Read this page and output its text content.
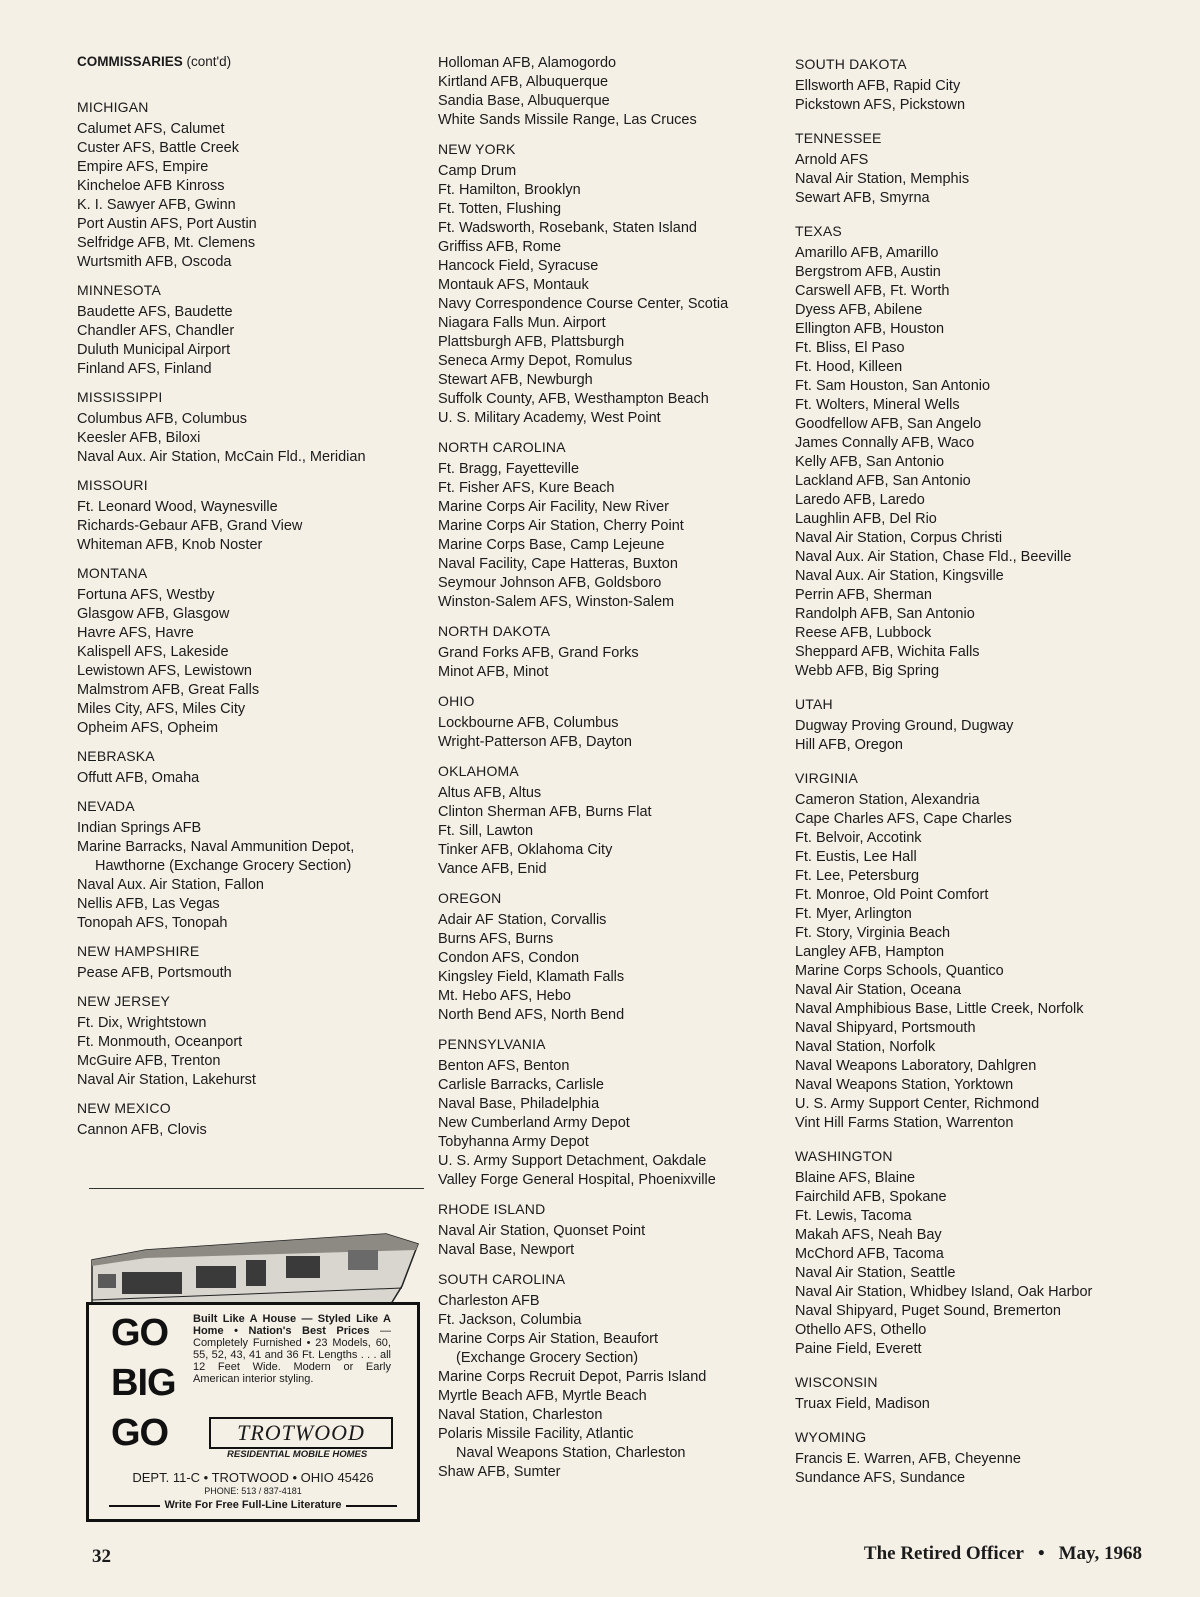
COMMISSARIES (cont'd)
MICHIGAN
Calumet AFS, Calumet
Custer AFS, Battle Creek
Empire AFS, Empire
Kincheloe AFB Kinross
K. I. Sawyer AFB, Gwinn
Port Austin AFS, Port Austin
Selfridge AFB, Mt. Clemens
Wurtsmith AFB, Oscoda
MINNESOTA
Baudette AFS, Baudette
Chandler AFS, Chandler
Duluth Municipal Airport
Finland AFS, Finland
MISSISSIPPI
Columbus AFB, Columbus
Keesler AFB, Biloxi
Naval Aux. Air Station, McCain Fld., Meridian
MISSOURI
Ft. Leonard Wood, Waynesville
Richards-Gebaur AFB, Grand View
Whiteman AFB, Knob Noster
MONTANA
Fortuna AFS, Westby
Glasgow AFB, Glasgow
Havre AFS, Havre
Kalispell AFS, Lakeside
Lewistown AFS, Lewistown
Malmstrom AFB, Great Falls
Miles City, AFS, Miles City
Opheim AFS, Opheim
NEBRASKA
Offutt AFB, Omaha
NEVADA
Indian Springs AFB
Marine Barracks, Naval Ammunition Depot,
Hawthorne (Exchange Grocery Section)
Naval Aux. Air Station, Fallon
Nellis AFB, Las Vegas
Tonopah AFS, Tonopah
NEW HAMPSHIRE
Pease AFB, Portsmouth
NEW JERSEY
Ft. Dix, Wrightstown
Ft. Monmouth, Oceanport
McGuire AFB, Trenton
Naval Air Station, Lakehurst
NEW MEXICO
Cannon AFB, Clovis
Holloman AFB, Alamogordo
Kirtland AFB, Albuquerque
Sandia Base, Albuquerque
White Sands Missile Range, Las Cruces
NEW YORK
Camp Drum
Ft. Hamilton, Brooklyn
Ft. Totten, Flushing
Ft. Wadsworth, Rosebank, Staten Island
Griffiss AFB, Rome
Hancock Field, Syracuse
Montauk AFS, Montauk
Navy Correspondence Course Center, Scotia
Niagara Falls Mun. Airport
Plattsburgh AFB, Plattsburgh
Seneca Army Depot, Romulus
Stewart AFB, Newburgh
Suffolk County, AFB, Westhampton Beach
U. S. Military Academy, West Point
NORTH CAROLINA
Ft. Bragg, Fayetteville
Ft. Fisher AFS, Kure Beach
Marine Corps Air Facility, New River
Marine Corps Air Station, Cherry Point
Marine Corps Base, Camp Lejeune
Naval Facility, Cape Hatteras, Buxton
Seymour Johnson AFB, Goldsboro
Winston-Salem AFS, Winston-Salem
NORTH DAKOTA
Grand Forks AFB, Grand Forks
Minot AFB, Minot
OHIO
Lockbourne AFB, Columbus
Wright-Patterson AFB, Dayton
OKLAHOMA
Altus AFB, Altus
Clinton Sherman AFB, Burns Flat
Ft. Sill, Lawton
Tinker AFB, Oklahoma City
Vance AFB, Enid
OREGON
Adair AF Station, Corvallis
Burns AFS, Burns
Condon AFS, Condon
Kingsley Field, Klamath Falls
Mt. Hebo AFS, Hebo
North Bend AFS, North Bend
PENNSYLVANIA
Benton AFS, Benton
Carlisle Barracks, Carlisle
Naval Base, Philadelphia
New Cumberland Army Depot
Tobyhanna Army Depot
U. S. Army Support Detachment, Oakdale
Valley Forge General Hospital, Phoenixville
RHODE ISLAND
Naval Air Station, Quonset Point
Naval Base, Newport
SOUTH CAROLINA
Charleston AFB
Ft. Jackson, Columbia
Marine Corps Air Station, Beaufort
(Exchange Grocery Section)
Marine Corps Recruit Depot, Parris Island
Myrtle Beach AFB, Myrtle Beach
Naval Station, Charleston
Polaris Missile Facility, Atlantic
Naval Weapons Station, Charleston
Shaw AFB, Sumter
SOUTH DAKOTA
Ellsworth AFB, Rapid City
Pickstown AFS, Pickstown
TENNESSEE
Arnold AFS
Naval Air Station, Memphis
Sewart AFB, Smyrna
TEXAS
Amarillo AFB, Amarillo
Bergstrom AFB, Austin
Carswell AFB, Ft. Worth
Dyess AFB, Abilene
Ellington AFB, Houston
Ft. Bliss, El Paso
Ft. Hood, Killeen
Ft. Sam Houston, San Antonio
Ft. Wolters, Mineral Wells
Goodfellow AFB, San Angelo
James Connally AFB, Waco
Kelly AFB, San Antonio
Lackland AFB, San Antonio
Laredo AFB, Laredo
Laughlin AFB, Del Rio
Naval Air Station, Corpus Christi
Naval Aux. Air Station, Chase Fld., Beeville
Naval Aux. Air Station, Kingsville
Perrin AFB, Sherman
Randolph AFB, San Antonio
Reese AFB, Lubbock
Sheppard AFB, Wichita Falls
Webb AFB, Big Spring
UTAH
Dugway Proving Ground, Dugway
Hill AFB, Oregon
VIRGINIA
Cameron Station, Alexandria
Cape Charles AFS, Cape Charles
Ft. Belvoir, Accotink
Ft. Eustis, Lee Hall
Ft. Lee, Petersburg
Ft. Monroe, Old Point Comfort
Ft. Myer, Arlington
Ft. Story, Virginia Beach
Langley AFB, Hampton
Marine Corps Schools, Quantico
Naval Air Station, Oceana
Naval Amphibious Base, Little Creek, Norfolk
Naval Shipyard, Portsmouth
Naval Station, Norfolk
Naval Weapons Laboratory, Dahlgren
Naval Weapons Station, Yorktown
U. S. Army Support Center, Richmond
Vint Hill Farms Station, Warrenton
WASHINGTON
Blaine AFS, Blaine
Fairchild AFB, Spokane
Ft. Lewis, Tacoma
Makah AFS, Neah Bay
McChord AFB, Tacoma
Naval Air Station, Seattle
Naval Air Station, Whidbey Island, Oak Harbor
Naval Shipyard, Puget Sound, Bremerton
Othello AFS, Othello
Paine Field, Everett
WISCONSIN
Truax Field, Madison
WYOMING
Francis E. Warren, AFB, Cheyenne
Sundance AFS, Sundance
GO
BIG
GO
Built Like A House — Styled Like A Home • Nation's Best Prices — Completely Furnished • 23 Models, 60, 55, 52, 43, 41 and 36 Ft. Lengths . . . all 12 Feet Wide. Modern or Early American interior styling.
TROTWOOD
RESIDENTIAL MOBILE HOMES
DEPT. 11-C • TROTWOOD • OHIO 45426
PHONE: 513 / 837-4181
Write For Free Full-Line Literature
32	The Retired Officer • May, 1968
